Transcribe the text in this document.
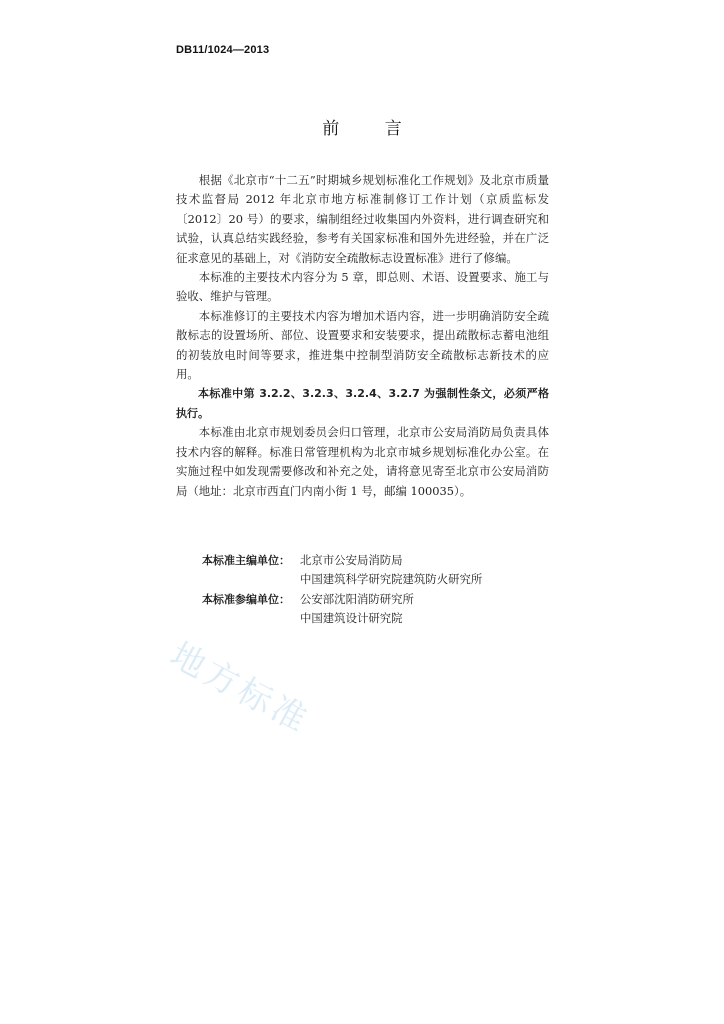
DB11/1024—2013
前	言

根据《北京市“十二五”时期城乡规划标准化工作规划》及北京市质量技术监督局 2012 年北京市地方标准制修订工作计划（京质监标发〔2012〕20 号）的要求，编制组经过收集国内外资料，进行调查研究和试验，认真总结实践经验，参考有关国家标准和国外先进经验，并在广泛征求意见的基础上，对《消防安全疏散标志设置标准》进行了修编。

本标准的主要技术内容分为 5 章，即总则、术语、设置要求、施工与验收、维护与管理。

本标准修订的主要技术内容为增加术语内容，进一步明确消防安全疏散标志的设置场所、部位、设置要求和安装要求，提出疏散标志蓄电池组的初装放电时间等要求，推进集中控制型消防安全疏散标志新技术的应用。

本标准中第 3.2.2、3.2.3、3.2.4、3.2.7 为强制性条文，必须严格执行。

本标准由北京市规划委员会归口管理，北京市公安局消防局负责具体技术内容的解释。标准日常管理机构为北京市城乡规划标准化办公室。在实施过程中如发现需要修改和补充之处，请将意见寄至北京市公安局消防局（地址：北京市西直门内南小街 1 号，邮编 100035）。

本标准主编单位： 北京市公安局消防局
中国建筑科学研究院建筑防火研究所
本标准参编单位： 公安部沈阳消防研究所
中国建筑设计研究院
地方标准
